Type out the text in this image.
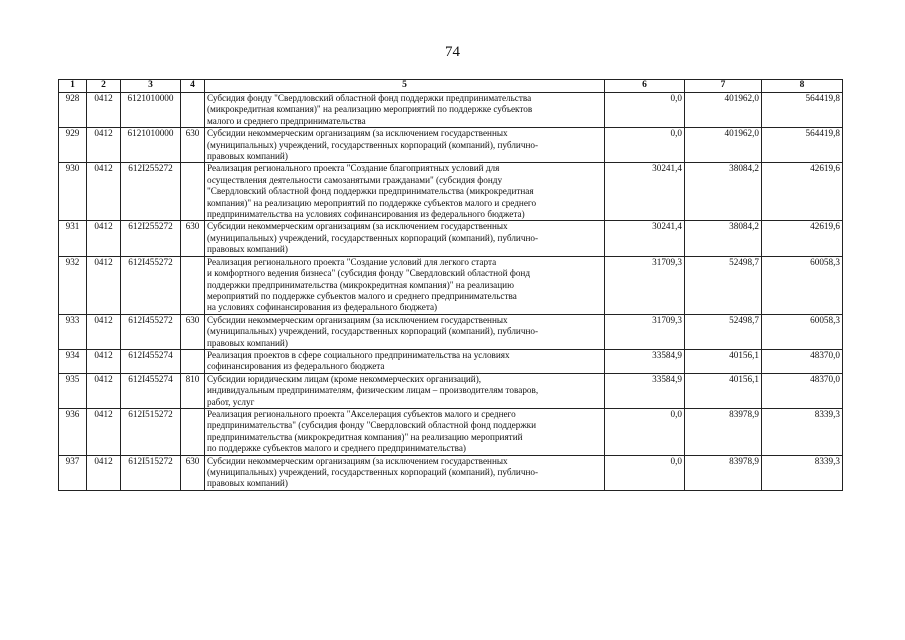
74
1	2	3	4	5	6	7	8
928	0412	6121010000		Субсидия фонду "Свердловский областной фонд поддержки предпринимательства
(микрокредитная компания)" на реализацию мероприятий по поддержке субъектов
малого и среднего предпринимательства	0,0	401962,0	564419,8
929	0412	6121010000	630	Субсидии некоммерческим организациям (за исключением государственных
(муниципальных) учреждений, государственных корпораций (компаний), публично-
правовых компаний)	0,0	401962,0	564419,8
930	0412	612I255272		Реализация регионального проекта "Создание благоприятных условий для
осуществления деятельности самозанятыми гражданами" (субсидия фонду
"Свердловский областной фонд поддержки предпринимательства (микрокредитная
компания)" на реализацию мероприятий по поддержке субъектов малого и среднего
предпринимательства на условиях софинансирования из федерального бюджета)	30241,4	38084,2	42619,6
931	0412	612I255272	630	Субсидии некоммерческим организациям (за исключением государственных
(муниципальных) учреждений, государственных корпораций (компаний), публично-
правовых компаний)	30241,4	38084,2	42619,6
932	0412	612I455272		Реализация регионального проекта "Создание условий для легкого старта
и комфортного ведения бизнеса" (субсидия фонду "Свердловский областной фонд
поддержки предпринимательства (микрокредитная компания)" на реализацию
мероприятий по поддержке субъектов малого и среднего предпринимательства
на условиях софинансирования из федерального бюджета)	31709,3	52498,7	60058,3
933	0412	612I455272	630	Субсидии некоммерческим организациям (за исключением государственных
(муниципальных) учреждений, государственных корпораций (компаний), публично-
правовых компаний)	31709,3	52498,7	60058,3
934	0412	612I455274		Реализация проектов в сфере социального предпринимательства на условиях
софинансирования из федерального бюджета	33584,9	40156,1	48370,0
935	0412	612I455274	810	Субсидии юридическим лицам (кроме некоммерческих организаций),
индивидуальным предпринимателям, физическим лицам – производителям товаров,
работ, услуг	33584,9	40156,1	48370,0
936	0412	612I515272		Реализация регионального проекта "Акселерация субъектов малого и среднего
предпринимательства" (субсидия фонду "Свердловский областной фонд поддержки
предпринимательства (микрокредитная компания)" на реализацию мероприятий
по поддержке субъектов малого и среднего предпринимательства)	0,0	83978,9	8339,3
937	0412	612I515272	630	Субсидии некоммерческим организациям (за исключением государственных
(муниципальных) учреждений, государственных корпораций (компаний), публично-
правовых компаний)	0,0	83978,9	8339,3
